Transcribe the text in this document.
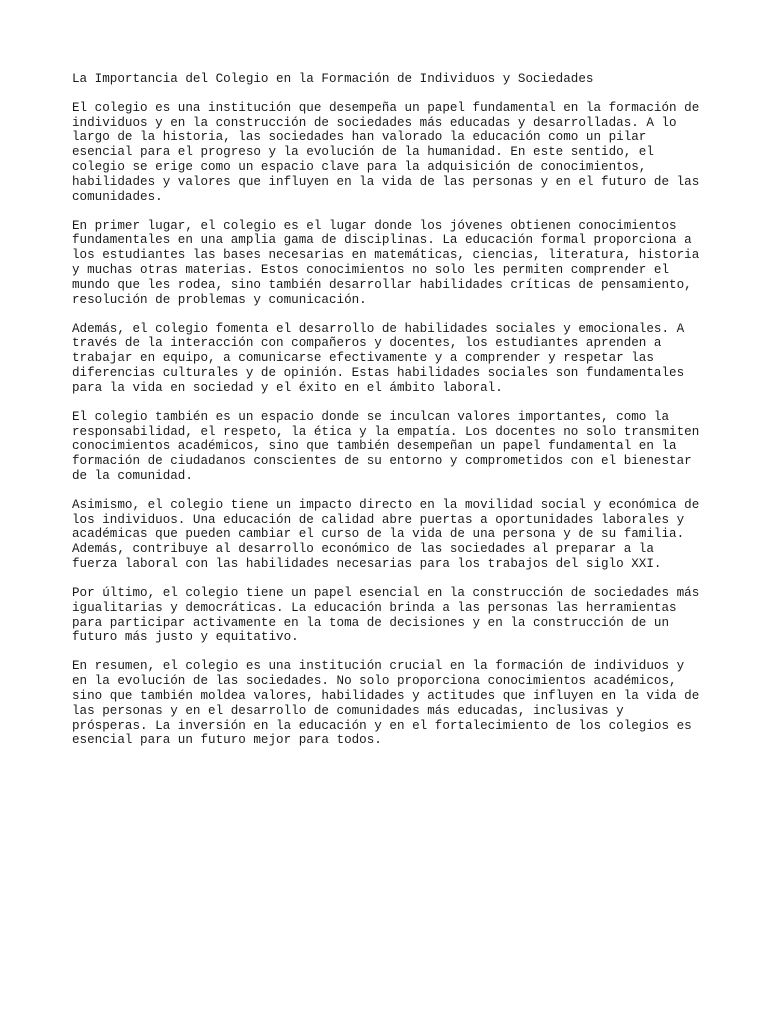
La Importancia del Colegio en la Formación de Individuos y Sociedades
El colegio es una institución que desempeña un papel fundamental en la formación de
individuos y en la construcción de sociedades más educadas y desarrolladas. A lo
largo de la historia, las sociedades han valorado la educación como un pilar
esencial para el progreso y la evolución de la humanidad. En este sentido, el
colegio se erige como un espacio clave para la adquisición de conocimientos,
habilidades y valores que influyen en la vida de las personas y en el futuro de las
comunidades.
En primer lugar, el colegio es el lugar donde los jóvenes obtienen conocimientos
fundamentales en una amplia gama de disciplinas. La educación formal proporciona a
los estudiantes las bases necesarias en matemáticas, ciencias, literatura, historia
y muchas otras materias. Estos conocimientos no solo les permiten comprender el
mundo que les rodea, sino también desarrollar habilidades críticas de pensamiento,
resolución de problemas y comunicación.
Además, el colegio fomenta el desarrollo de habilidades sociales y emocionales. A
través de la interacción con compañeros y docentes, los estudiantes aprenden a
trabajar en equipo, a comunicarse efectivamente y a comprender y respetar las
diferencias culturales y de opinión. Estas habilidades sociales son fundamentales
para la vida en sociedad y el éxito en el ámbito laboral.
El colegio también es un espacio donde se inculcan valores importantes, como la
responsabilidad, el respeto, la ética y la empatía. Los docentes no solo transmiten
conocimientos académicos, sino que también desempeñan un papel fundamental en la
formación de ciudadanos conscientes de su entorno y comprometidos con el bienestar
de la comunidad.
Asimismo, el colegio tiene un impacto directo en la movilidad social y económica de
los individuos. Una educación de calidad abre puertas a oportunidades laborales y
académicas que pueden cambiar el curso de la vida de una persona y de su familia.
Además, contribuye al desarrollo económico de las sociedades al preparar a la
fuerza laboral con las habilidades necesarias para los trabajos del siglo XXI.
Por último, el colegio tiene un papel esencial en la construcción de sociedades más
igualitarias y democráticas. La educación brinda a las personas las herramientas
para participar activamente en la toma de decisiones y en la construcción de un
futuro más justo y equitativo.
En resumen, el colegio es una institución crucial en la formación de individuos y
en la evolución de las sociedades. No solo proporciona conocimientos académicos,
sino que también moldea valores, habilidades y actitudes que influyen en la vida de
las personas y en el desarrollo de comunidades más educadas, inclusivas y
prósperas. La inversión en la educación y en el fortalecimiento de los colegios es
esencial para un futuro mejor para todos.
